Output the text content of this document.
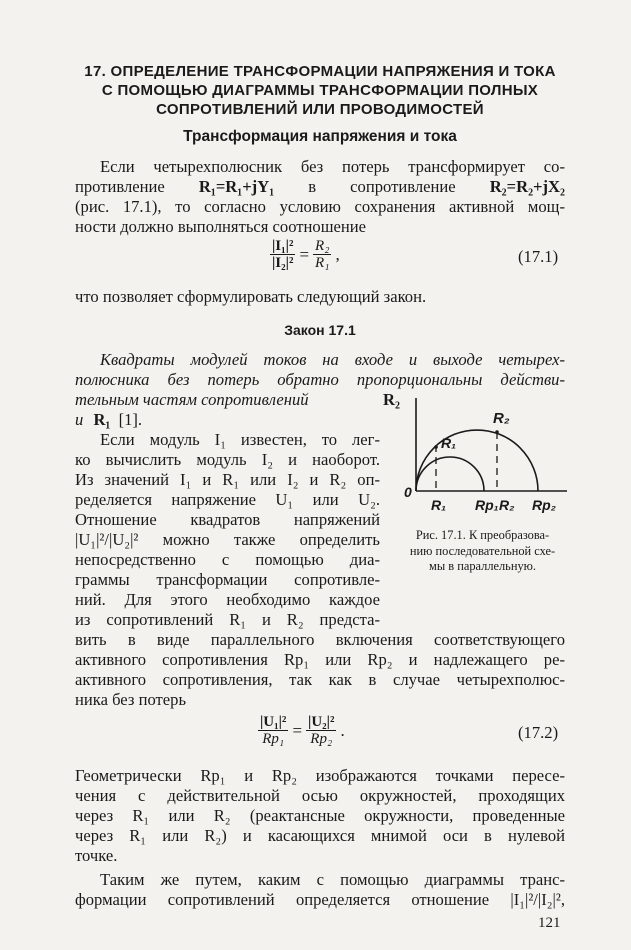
17. ОПРЕДЕЛЕНИЕ ТРАНСФОРМАЦИИ НАПРЯЖЕНИЯ И ТОКА
С ПОМОЩЬЮ ДИАГРАММЫ ТРАНСФОРМАЦИИ ПОЛНЫХ
СОПРОТИВЛЕНИЙ ИЛИ ПРОВОДИМОСТЕЙ
Трансформация напряжения и тока
Если четырехполюсник без потерь трансформирует со-
противление R₁=R₁+jY₁ в сопротивление R₂=R₂+jX₂
(рис. 17.1), то согласно условию сохранения активной мощ-
ности должно выполняться соотношение
$\frac{\text{|I₁|²}}{\text{|I₂|²}} = \frac{\text{R₂}}{\text{R₁}}$ ,	(17.1)
что позволяет сформулировать следующий закон.
Закон 17.1
Квадраты модулей токов на входе и выходе четырех-
полюсника без потерь обратно пропорциональны действи-
тельным частям сопротивлений	R₂
и R₁ [1].
Если модуль I₁ известен, то лег-
ко вычислить модуль I₂ и наоборот.
Из значений I₁ и R₁ или I₂ и R₂ оп-
ределяется напряжение U₁ или U₂.
Отношение квадратов напряжений
|U₁|²/|U₂|² можно также определить
непосредственно с помощью диа-
граммы трансформации сопротивле-
ний. Для этого необходимо каждое
из сопротивлений R₁ и R₂ предста-
R₂
R₁
0
R₁ Rp₁ R₂ Rp₂
Рис. 17.1. К преобразова-
нию последовательной схе-
мы в параллельную.
вить в виде параллельного включения соответствующего
активного сопротивления Rp₁ или Rp₂ и надлежащего ре-
активного сопротивления, так как в случае четырехполюс-
ника без потерь
$\frac{\text{|U₁|²}}{\text{Rp₁}} = \frac{\text{|U₂|²}}{\text{Rp₂}}$ .	(17.2)
Геометрически Rp₁ и Rp₂ изображаются точками пересе-
чения с действительной осью окружностей, проходящих
через R₁ или R₂ (реактансные окружности, проведенные
через R₁ или R₂) и касающихся мнимой оси в нулевой
точке.
Таким же путем, каким с помощью диаграммы транс-
формации сопротивлений определяется отношение |I₁|²/|I₂|²,
121
